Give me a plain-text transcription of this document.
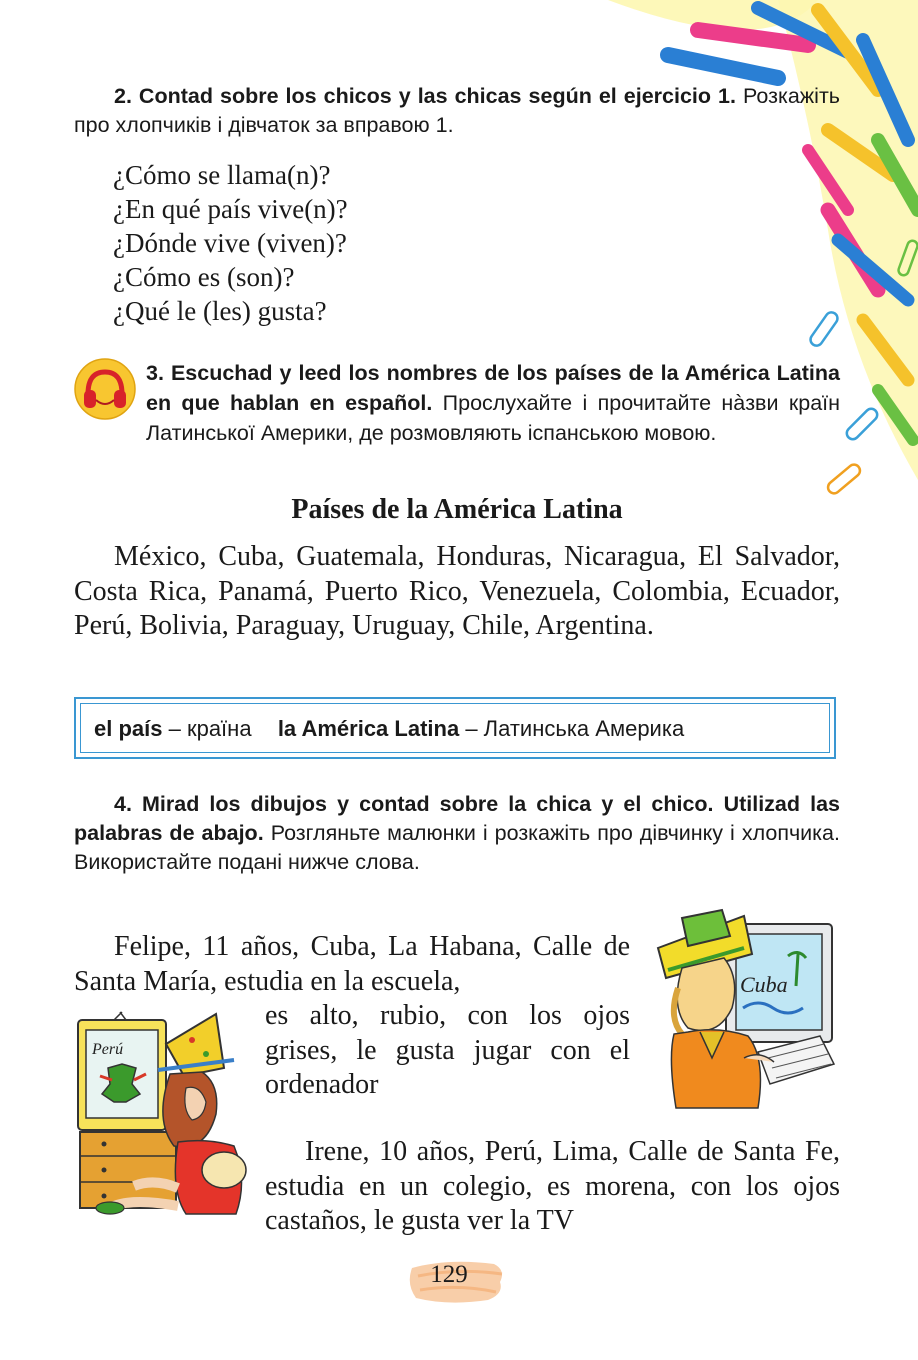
2. Contad sobre los chicos y las chicas según el ejercicio 1. Розкажіть про хлопчиків і дівчаток за вправою 1.
¿Cómo se llama(n)?
¿En qué país vive(n)?
¿Dónde vive (viven)?
¿Cómo es (son)?
¿Qué le (les) gusta?
3. Escuchad y leed los nombres de los países de la América Latina en que hablan en español. Прослухайте і прочитайте нàзви країн Латинської Америки, де розмовляють іспанською мовою.
Países de la América Latina
México, Cuba, Guatemala, Honduras, Nicaragua, El Salvador, Costa Rica, Panamá, Puerto Rico, Venezuela, Colombia, Ecuador, Perú, Bolivia, Paraguay, Uruguay, Chile, Argentina.
el país – країна la América Latina – Латинська Америка
4. Mirad los dibujos y contad sobre la chica y el chico. Utilizad las palabras de abajo. Розгляньте малюнки і розкажіть про дівчинку і хлопчика. Використайте подані нижче слова.
Felipe, 11 años, Cuba, La Habana, Calle de Santa María, estudia en la escuela,
es alto, rubio, con los ojos grises, le gusta jugar con el ordenador
Cuba
Perú
Irene, 10 años, Perú, Lima, Calle de Santa Fe, estudia en un colegio, es morena, con los ojos castaños, le gusta ver la TV
129
